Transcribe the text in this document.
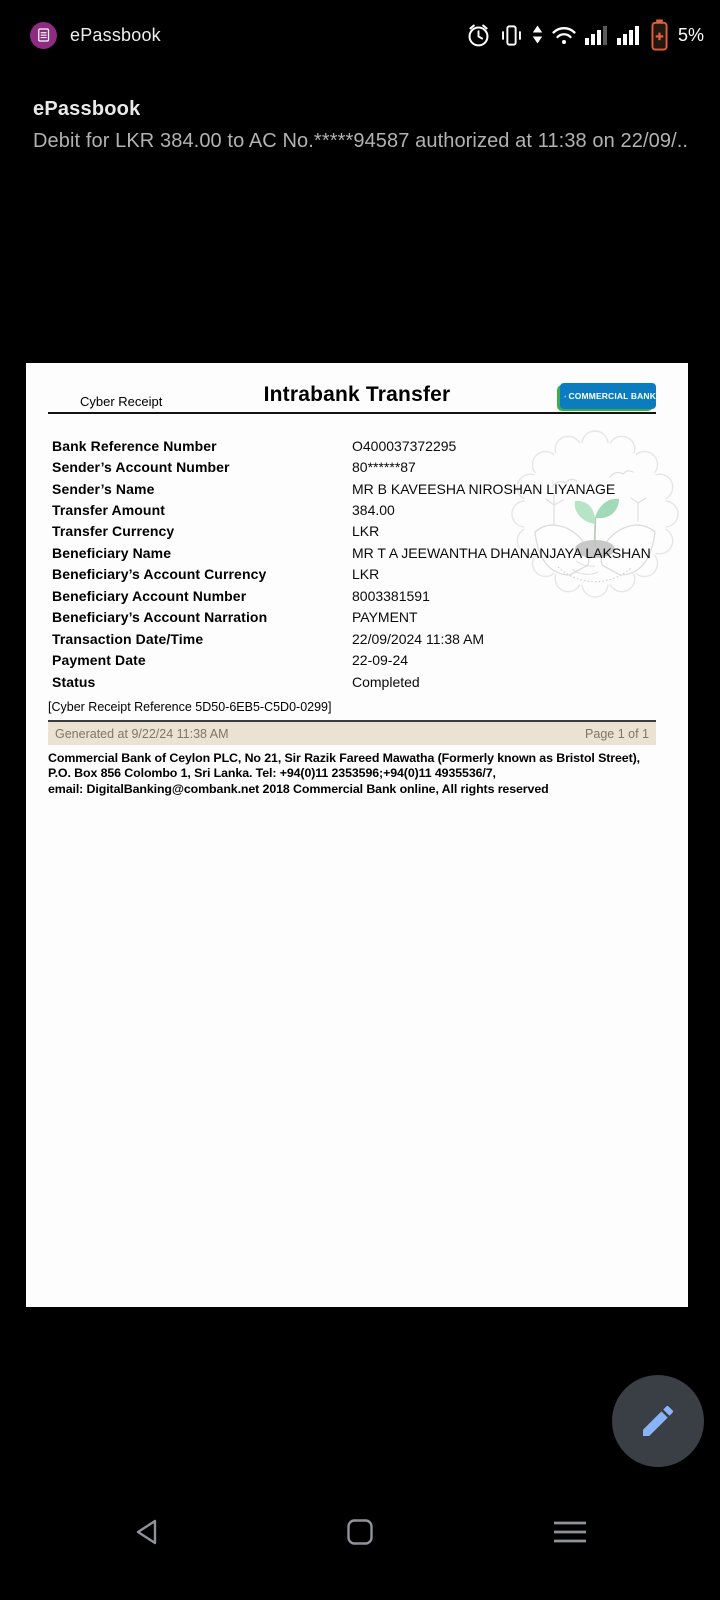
ePassbook	5%
ePassbook
Debit for LKR 384.00 to AC No.*****94587 authorized at 11:38 on 22/09/..
Cyber Receipt	Intrabank Transfer	COMMERCIAL BANK
Bank Reference Number	O400037372295
Sender’s Account Number	80******87
Sender’s Name	MR B KAVEESHA NIROSHAN LIYANAGE
Transfer Amount	384.00
Transfer Currency	LKR
Beneficiary Name	MR T A JEEWANTHA DHANANJAYA LAKSHAN
Beneficiary’s Account Currency	LKR
Beneficiary Account Number	8003381591
Beneficiary’s Account Narration	PAYMENT
Transaction Date/Time	22/09/2024 11:38 AM
Payment Date	22-09-24
Status	Completed
[Cyber Receipt Reference 5D50-6EB5-C5D0-0299]
Generated at 9/22/24 11:38 AM	Page 1 of 1
Commercial Bank of Ceylon PLC, No 21, Sir Razik Fareed Mawatha (Formerly known as Bristol Street),
P.O. Box 856 Colombo 1, Sri Lanka. Tel: +94(0)11 2353596;+94(0)11 4935536/7,
email: DigitalBanking@combank.net 2018 Commercial Bank online, All rights reserved
